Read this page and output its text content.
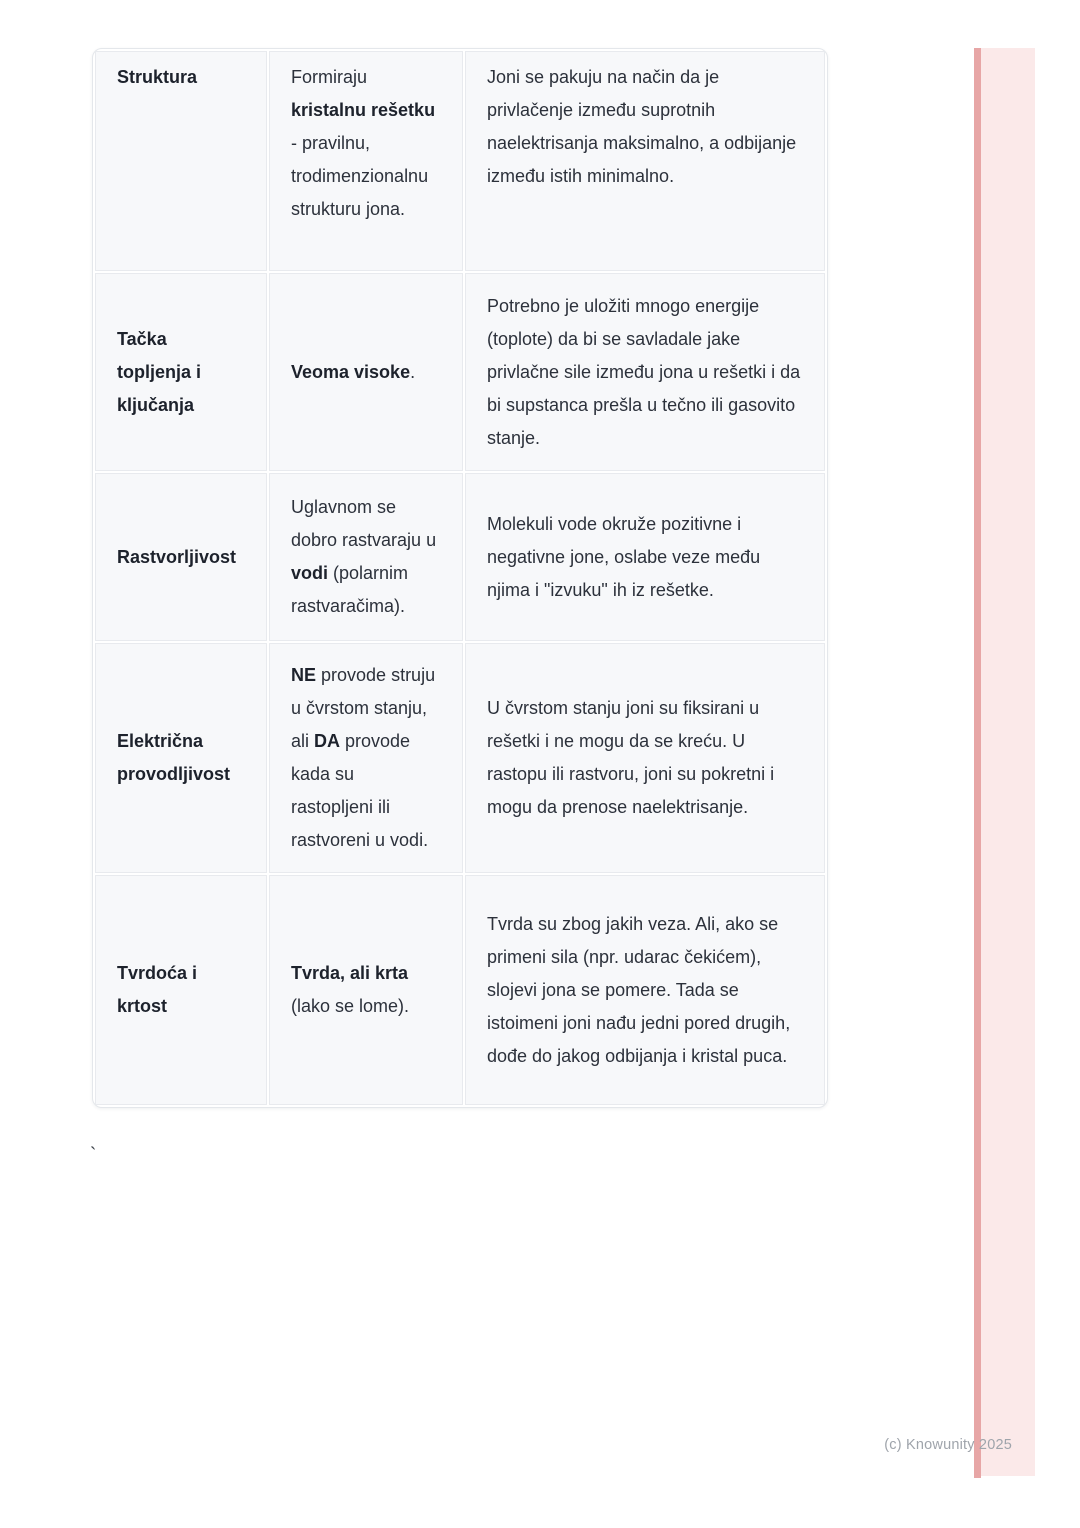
Struktura	Formiraju kristalnu rešetku - pravilnu, trodimenzionalnu strukturu jona.	Joni se pakuju na način da je privlačenje između suprotnih naelektrisanja maksimalno, a odbijanje između istih minimalno.
Tačka topljenja i ključanja	Veoma visoke.	Potrebno je uložiti mnogo energije (toplote) da bi se savladale jake privlačne sile između jona u rešetki i da bi supstanca prešla u tečno ili gasovito stanje.
Rastvorljivost	Uglavnom se dobro rastvaraju u vodi (polarnim rastvaračima).	Molekuli vode okruže pozitivne i negativne jone, oslabe veze među njima i "izvuku" ih iz rešetke.
Električna provodljivost	NE provode struju u čvrstom stanju, ali DA provode kada su rastopljeni ili rastvoreni u vodi.	U čvrstom stanju joni su fiksirani u rešetki i ne mogu da se kreću. U rastopu ili rastvoru, joni su pokretni i mogu da prenose naelektrisanje.
Tvrdoća i krtost	Tvrda, ali krta (lako se lome).	Tvrda su zbog jakih veza. Ali, ako se primeni sila (npr. udarac čekićem), slojevi jona se pomere. Tada se istoimeni joni nađu jedni pored drugih, dođe do jakog odbijanja i kristal puca.
`
(c) Knowunity 2025
